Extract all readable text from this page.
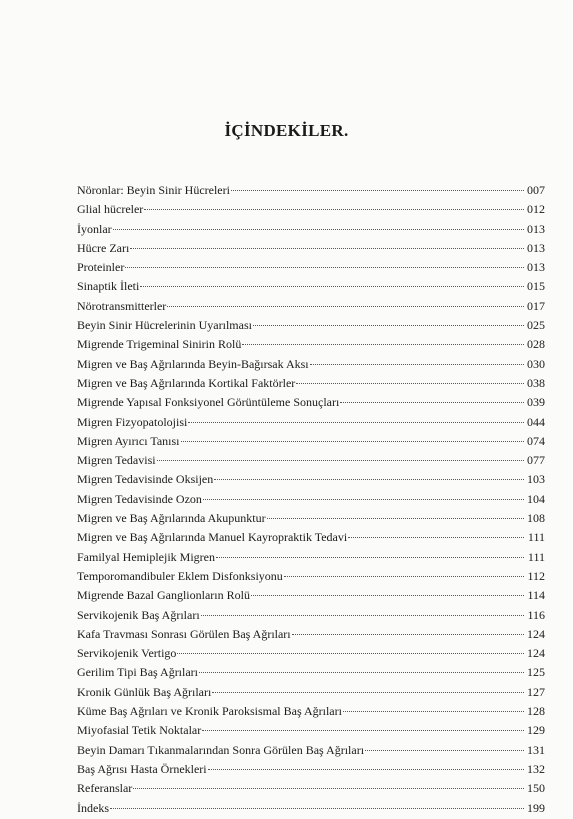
İÇİNDEKİLER.
Nöronlar: Beyin Sinir Hücreleri	007
Glial hücreler	012
İyonlar	013
Hücre Zarı	013
Proteinler	013
Sinaptik İleti	015
Nörotransmitterler	017
Beyin Sinir Hücrelerinin Uyarılması	025
Migrende Trigeminal Sinirin Rolü	028
Migren ve Baş Ağrılarında Beyin-Bağırsak Aksı	030
Migren ve Baş Ağrılarında Kortikal Faktörler	038
Migrende Yapısal Fonksiyonel Görüntüleme Sonuçları	039
Migren Fizyopatolojisi	044
Migren Ayırıcı Tanısı	074
Migren Tedavisi	077
Migren Tedavisinde Oksijen	103
Migren Tedavisinde Ozon	104
Migren ve Baş Ağrılarında Akupunktur	108
Migren ve Baş Ağrılarında Manuel Kayropraktik Tedavi	111
Familyal Hemiplejik Migren	111
Temporomandibuler Eklem Disfonksiyonu	112
Migrende Bazal Ganglionların Rolü	114
Servikojenik Baş Ağrıları	116
Kafa Travması Sonrası Görülen Baş Ağrıları	124
Servikojenik Vertigo	124
Gerilim Tipi Baş Ağrıları	125
Kronik Günlük Baş Ağrıları	127
Küme Baş Ağrıları ve Kronik Paroksismal Baş Ağrıları	128
Miyofasial Tetik Noktalar	129
Beyin Damarı Tıkanmalarından Sonra Görülen Baş Ağrıları	131
Baş Ağrısı Hasta Örnekleri	132
Referanslar	150
İndeks	199
